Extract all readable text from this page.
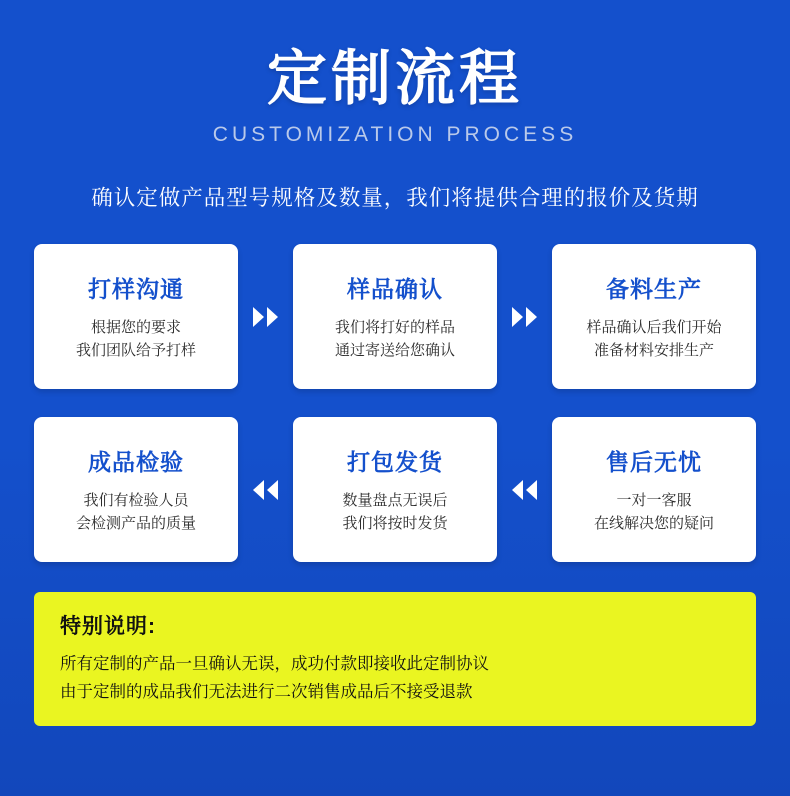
定制流程
CUSTOMIZATION PROCESS
确认定做产品型号规格及数量，我们将提供合理的报价及货期
打样沟通
根据您的要求
我们团队给予打样
样品确认
我们将打好的样品
通过寄送给您确认
备料生产
样品确认后我们开始
准备材料安排生产
成品检验
我们有检验人员
会检测产品的质量
打包发货
数量盘点无误后
我们将按时发货
售后无忧
一对一客服
在线解决您的疑问
特别说明:
所有定制的产品一旦确认无误，成功付款即接收此定制协议
由于定制的成品我们无法进行二次销售成品后不接受退款
